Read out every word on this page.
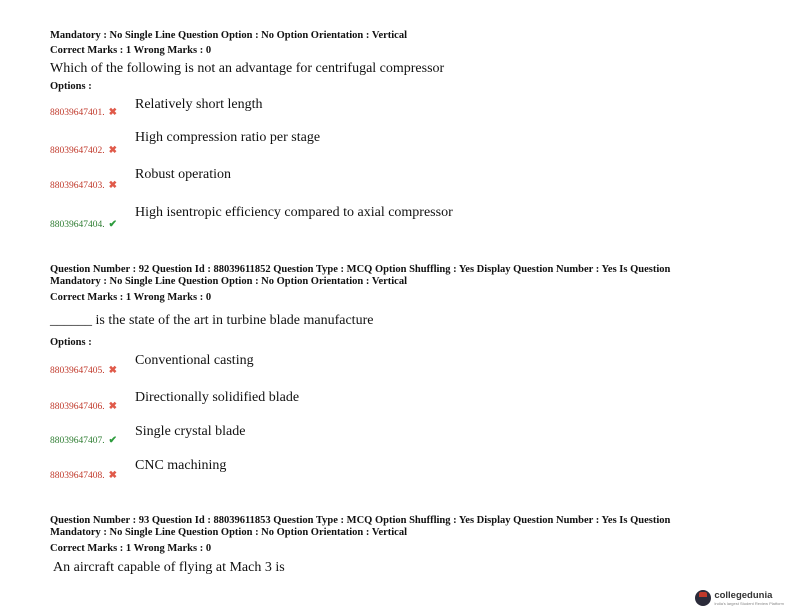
Mandatory : No Single Line Question Option : No Option Orientation : Vertical
Correct Marks : 1 Wrong Marks : 0
Which of the following is not an advantage for centrifugal compressor
Options :
88039647401. ✖
Relatively short length
88039647402. ✖
High compression ratio per stage
88039647403. ✖
Robust operation
88039647404. ✔
High isentropic efficiency compared to axial compressor
Question Number : 92 Question Id : 88039611852 Question Type : MCQ Option Shuffling : Yes Display Question Number : Yes Is Question
Mandatory : No Single Line Question Option : No Option Orientation : Vertical
Correct Marks : 1 Wrong Marks : 0
______ is the state of the art in turbine blade manufacture
Options :
88039647405. ✖
Conventional casting
88039647406. ✖
Directionally solidified blade
88039647407. ✔
Single crystal blade
88039647408. ✖
CNC machining
Question Number : 93 Question Id : 88039611853 Question Type : MCQ Option Shuffling : Yes Display Question Number : Yes Is Question
Mandatory : No Single Line Question Option : No Option Orientation : Vertical
Correct Marks : 1 Wrong Marks : 0
An aircraft capable of flying at Mach 3 is
collegedunia
India's largest Student Review Platform
